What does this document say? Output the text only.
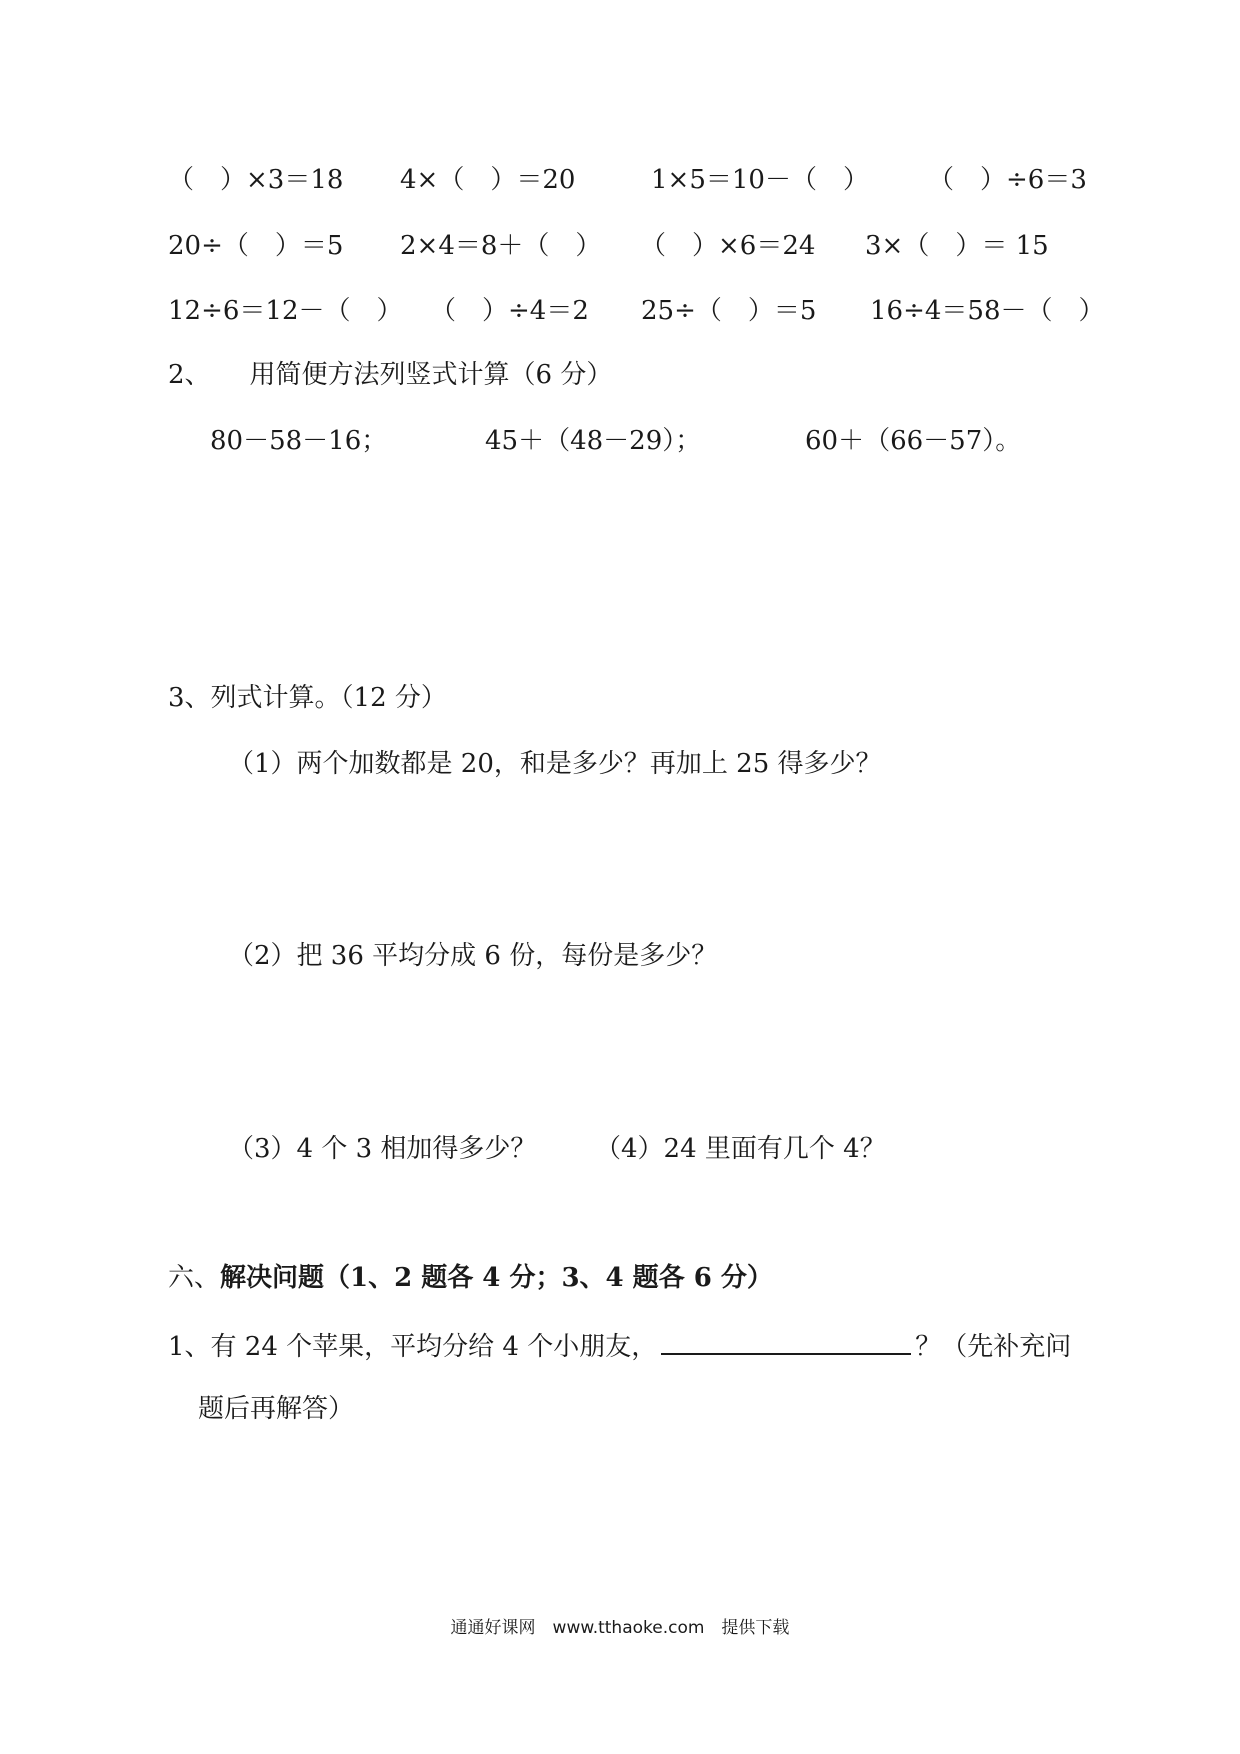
（　）×3＝18 4×（　）＝20	1×5＝10－（　） （　）÷6＝3
20÷（　）＝5 2×4＝8＋（　） （　）×6＝24 3×（　）＝ 15
12÷6＝12－（　） （　）÷4＝2 25÷（　）＝5 16÷4＝58－（　）
2、　　用简便方法列竖式计算（6 分）
80－58－16；	45＋（48－29）；	60＋（66－57）。
3、列式计算。（12 分）
（1）两个加数都是 20，和是多少？再加上 25 得多少？
（2）把 36 平均分成 6 份，每份是多少？
（3）4 个 3 相加得多少？ （4）24 里面有几个 4？
六、解决问题（1、2 题各 4 分；3、4 题各 6 分）
1、有 24 个苹果，平均分给 4 个小朋友，	？（先补充问
题后再解答）
通通好课网　www.tthaoke.com　提供下载
